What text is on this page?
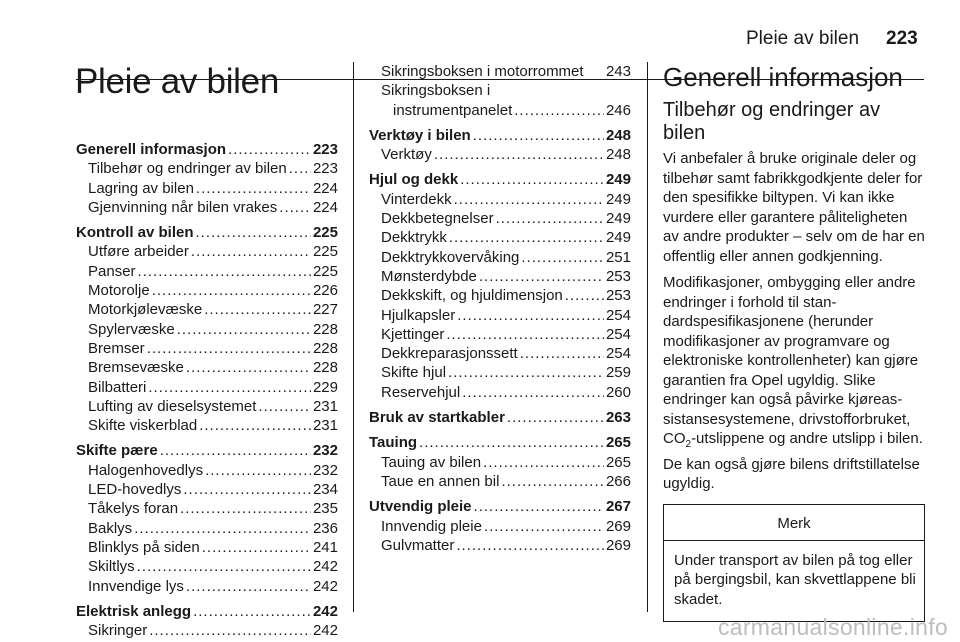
Pleie av bilen 223
Pleie av bilen
Generell informasjon .....	223
Tilbehør og endringer av bilen ..... 223
Lagring av bilen .....	224
Gjenvinning når bilen vrakes ..... 224
Kontroll av bilen .....	225
Utføre arbeider .....	225
Panser .....	225
Motorolje .....	226
Motorkjølevæske .....	227
Spylervæske .....	228
Bremser .....	228
Bremsevæske .....	228
Bilbatteri .....	229
Lufting av dieselsystemet .....	231
Skifte viskerblad .....	231
Skifte pære .....	232
Halogenhovedlys .....	232
LED-hovedlys .....	234
Tåkelys foran .....	235
Baklys .....	236
Blinklys på siden .....	241
Skiltlys .....	242
Innvendige lys .....	242
Elektrisk anlegg .....	242
Sikringer .....	242
Sikringsboksen i motorrommet 243
Sikringsboksen i
instrumentpanelet .....	246
Verktøy i bilen .....	248
Verktøy .....	248
Hjul og dekk .....	249
Vinterdekk .....	249
Dekkbetegnelser .....	249
Dekktrykk .....	249
Dekktrykkovervåking .....	251
Mønsterdybde .....	253
Dekkskift, og hjuldimensjon .....	253
Hjulkapsler .....	254
Kjettinger .....	254
Dekkreparasjonssett .....	254
Skifte hjul .....	259
Reservehjul .....	260
Bruk av startkabler .....	263
Tauing .....	265
Tauing av bilen .....	265
Taue en annen bil .....	266
Utvendig pleie .....	267
Innvendig pleie .....	269
Gulvmatter .....	269
Generell informasjon
Tilbehør og endringer av bilen

Vi anbefaler å bruke originale deler og tilbehør samt fabrikkgodkjente deler for den spesifikke biltypen. Vi kan ikke vurdere eller garantere påliteligheten av andre produkter – selv om de har en offentlig eller annen godkjenning.

Modifikasjoner, ombygging eller andre endringer i forhold til standardspesifikasjonene (herunder modifikasjoner av programvare og elektroniske kontrollenheter) kan gjøre garantien fra Opel ugyldig. Slike endringer kan også påvirke kjøreassistansesystemene, drivstofforbruket, $CO_2$-utslippene og andre utslipp i bilen. De kan også gjøre bilens driftstillatelse ugyldig.

Merk
Under transport av bilen på tog eller på bergingsbil, kan skvettlappene bli skadet.
carmanualsonline.info
